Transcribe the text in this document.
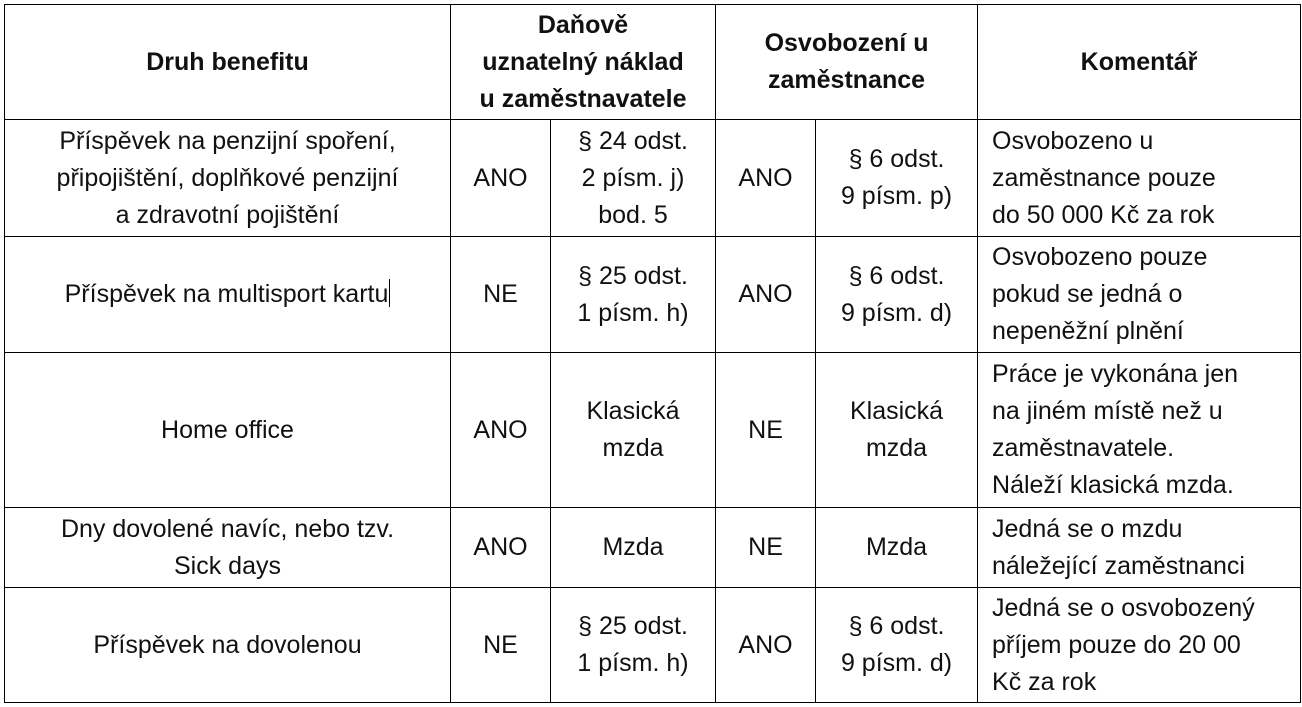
Druh benefitu	Daňově
uznatelný náklad
u zaměstnavatele		Osvobození u
zaměstnance		Komentář
Příspěvek na penzijní spoření,
připojištění, doplňkové penzijní
a zdravotní pojištění	ANO	§ 24 odst.
2 písm. j)
bod. 5	ANO	§ 6 odst.
9 písm. p)	Osvobozeno u
zaměstnance pouze
do 50 000 Kč za rok
Příspěvek na multisport kartu	NE	§ 25 odst.
1 písm. h)	ANO	§ 6 odst.
9 písm. d)	Osvobozeno pouze
pokud se jedná o
nepeněžní plnění
Home office	ANO	Klasická
mzda	NE	Klasická
mzda	Práce je vykonána jen
na jiném místě než u
zaměstnavatele.
Náleží klasická mzda.
Dny dovolené navíc, nebo tzv.
Sick days	ANO	Mzda	NE	Mzda	Jedná se o mzdu
náležející zaměstnanci
Příspěvek na dovolenou	NE	§ 25 odst.
1 písm. h)	ANO	§ 6 odst.
9 písm. d)	Jedná se o osvobozený
příjem pouze do 20 00
Kč za rok
